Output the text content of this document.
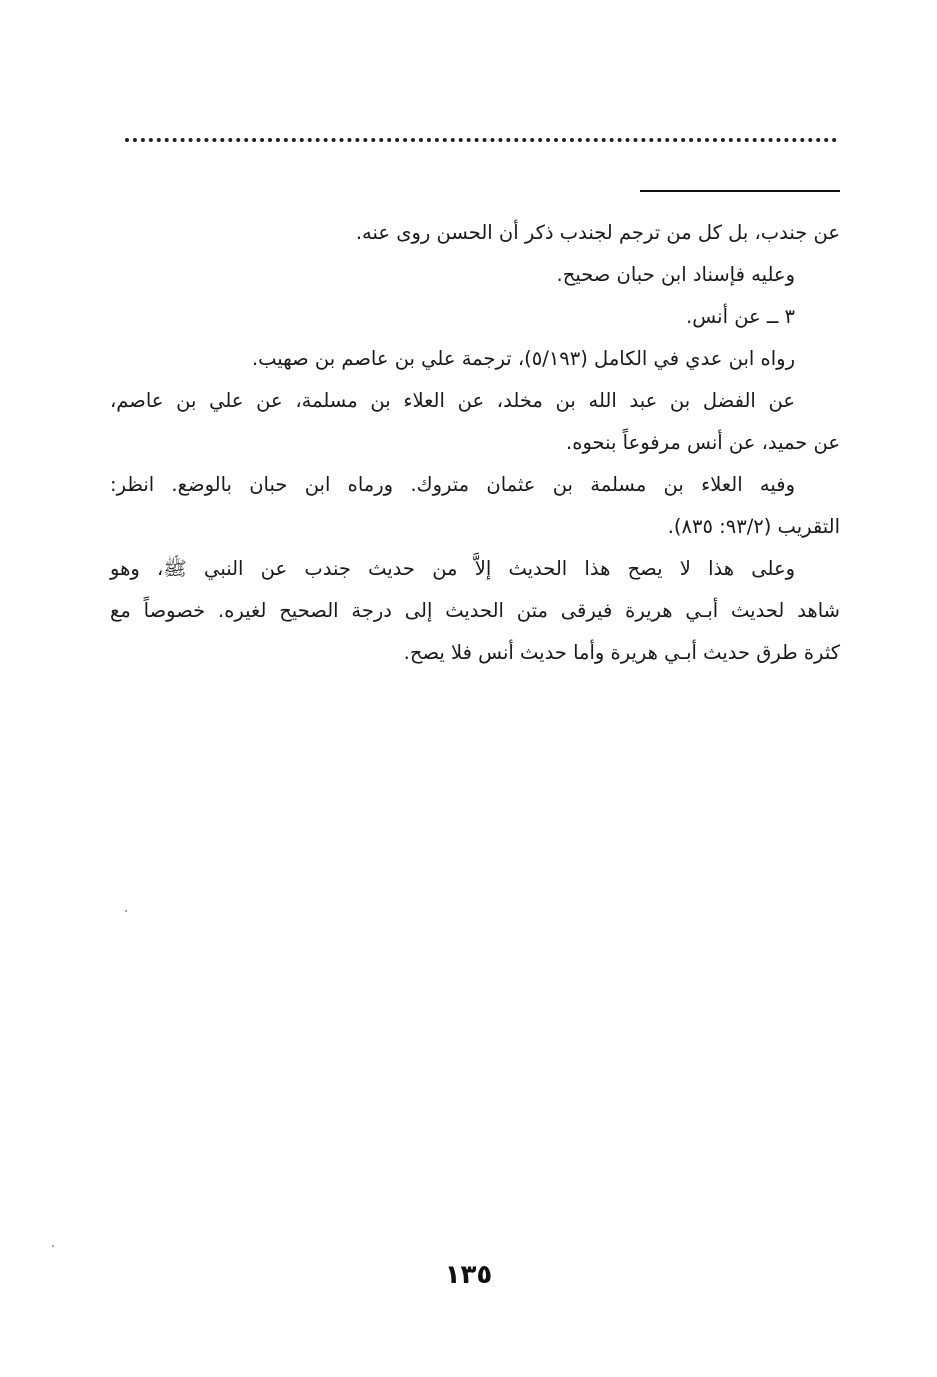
عن جندب، بل كل من ترجم لجندب ذكر أن الحسن روى عنه.
وعليه فإسناد ابن حبان صحيح.
٣ ــ عن أنس.
رواه ابن عدي في الكامل (٥/١٩٣)، ترجمة علي بن عاصم بن صهيب.
عن الفضل بن عبد الله بن مخلد، عن العلاء بن مسلمة، عن علي بن عاصم،
عن حميد، عن أنس مرفوعاً بنحوه.
وفيه العلاء بن مسلمة بن عثمان متروك. ورماه ابن حبان بالوضع. انظر:
التقريب (٩٣/٢: ٨٣٥).
وعلى هذا لا يصح هذا الحديث إلاَّ من حديث جندب عن النبي ﷺ، وهو
شاهد لحديث أبـي هريرة فيرقى متن الحديث إلى درجة الصحيح لغيره. خصوصاً مع
كثرة طرق حديث أبـي هريرة وأما حديث أنس فلا يصح.
١٣٥
